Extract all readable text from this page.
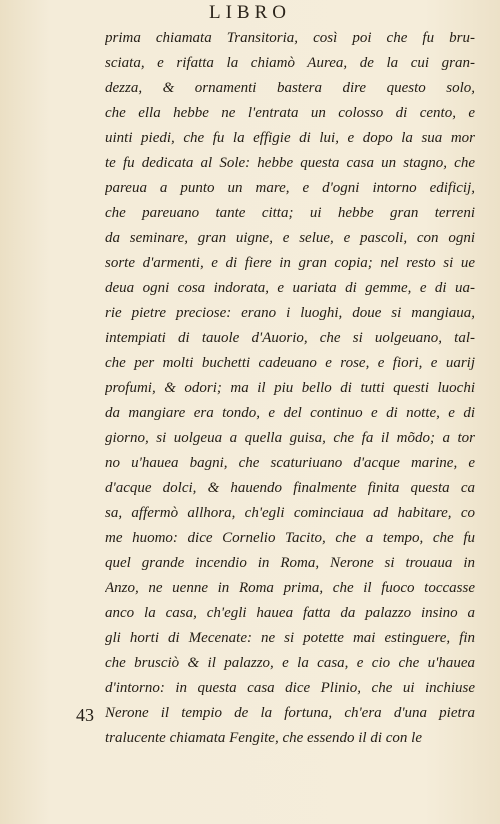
LIBRO
prima chiamata Transitoria, così poi che fu bru-
sciata, e rifatta la chiamò Aurea, de la cui gran-
dezza, & ornamenti bastera dire questo solo,
che ella hebbe ne l'entrata un colosso di cento, e
uinti piedi, che fu la effigie di lui, e dopo la sua mor
te fu dedicata al Sole: hebbe questa casa un stagno, che
pareua a punto un mare, e d'ogni intorno edificij,
che pareuano tante citta; ui hebbe gran terreni
da seminare, gran uigne, e selue, e pascoli, con ogni
sorte d'armenti, e di fiere in gran copia; nel resto si ue
deua ogni cosa indorata, e uariata di gemme, e di ua-
rie pietre preciose: erano i luoghi, doue si mangiaua,
intempiati di tauole d'Auorio, che si uolgeuano, tal-
che per molti buchetti cadeuano e rose, e fiori, e uarij
profumi, & odori; ma il piu bello di tutti questi luochi
da mangiare era tondo, e del continuo e di notte, e di
giorno, si uolgeua a quella guisa, che fa il mõdo; a tor
no u'hauea bagni, che scaturiuano d'acque marine, e
d'acque dolci, & hauendo finalmente finita questa ca
sa, affermò allhora, ch'egli cominciaua ad habitare, co
me huomo: dice Cornelio Tacito, che a tempo, che fu
quel grande incendio in Roma, Nerone si trouaua in
Anzo, ne uenne in Roma prima, che il fuoco toccasse
anco la casa, ch'egli hauea fatta da palazzo insino a
gli horti di Mecenate: ne si potette mai estinguere, fin
che brusciò & il palazzo, e la casa, e cio che u'hauea
d'intorno: in questa casa dice Plinio, che ui inchiuse
Nerone il tempio de la fortuna, ch'era d'una pietra
tralucente chiamata Fengite, che essendo il di con le
43
